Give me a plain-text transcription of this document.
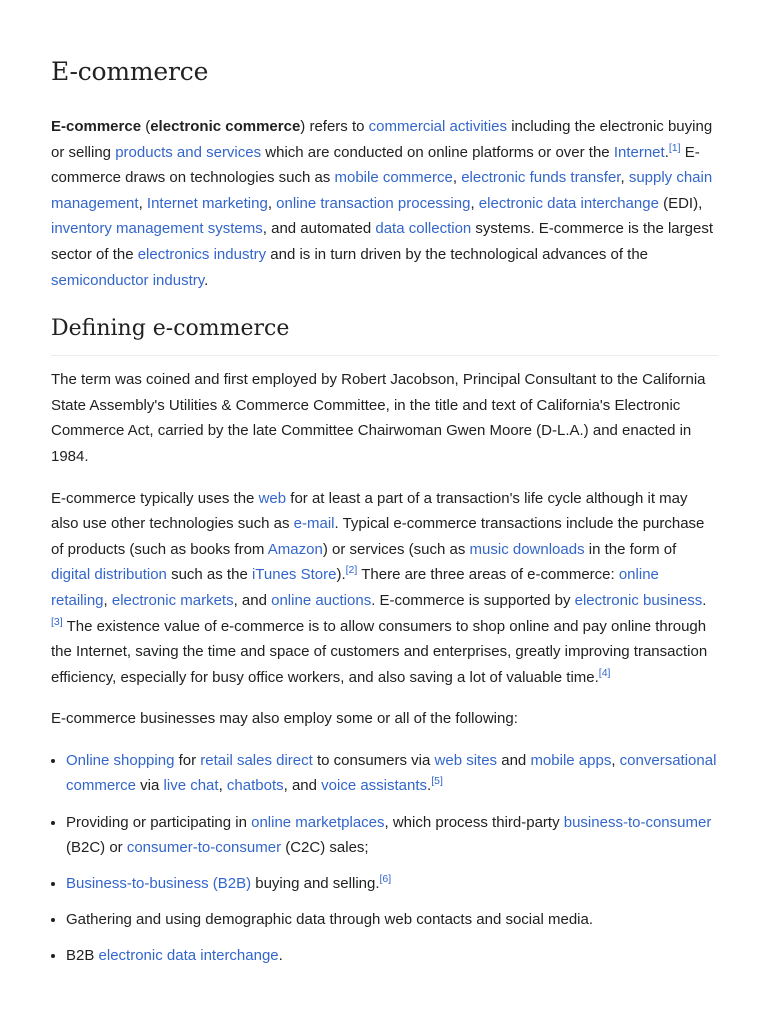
E-commerce

E-commerce (electronic commerce) refers to commercial activities including the electronic buying or selling products and services which are conducted on online platforms or over the Internet.[1] E-commerce draws on technologies such as mobile commerce, electronic funds transfer, supply chain management, Internet marketing, online transaction processing, electronic data interchange (EDI), inventory management systems, and automated data collection systems. E-commerce is the largest sector of the electronics industry and is in turn driven by the technological advances of the semiconductor industry.

Defining e-commerce

The term was coined and first employed by Robert Jacobson, Principal Consultant to the California State Assembly's Utilities & Commerce Committee, in the title and text of California's Electronic Commerce Act, carried by the late Committee Chairwoman Gwen Moore (D-L.A.) and enacted in 1984.

E-commerce typically uses the web for at least a part of a transaction's life cycle although it may also use other technologies such as e-mail. Typical e-commerce transactions include the purchase of products (such as books from Amazon) or services (such as music downloads in the form of digital distribution such as the iTunes Store).[2] There are three areas of e-commerce: online retailing, electronic markets, and online auctions. E-commerce is supported by electronic business.[3] The existence value of e-commerce is to allow consumers to shop online and pay online through the Internet, saving the time and space of customers and enterprises, greatly improving transaction efficiency, especially for busy office workers, and also saving a lot of valuable time.[4]

E-commerce businesses may also employ some or all of the following:

• Online shopping for retail sales direct to consumers via web sites and mobile apps, conversational commerce via live chat, chatbots, and voice assistants.[5]
• Providing or participating in online marketplaces, which process third-party business-to-consumer (B2C) or consumer-to-consumer (C2C) sales;
• Business-to-business (B2B) buying and selling.[6]
• Gathering and using demographic data through web contacts and social media.
• B2B electronic data interchange.
